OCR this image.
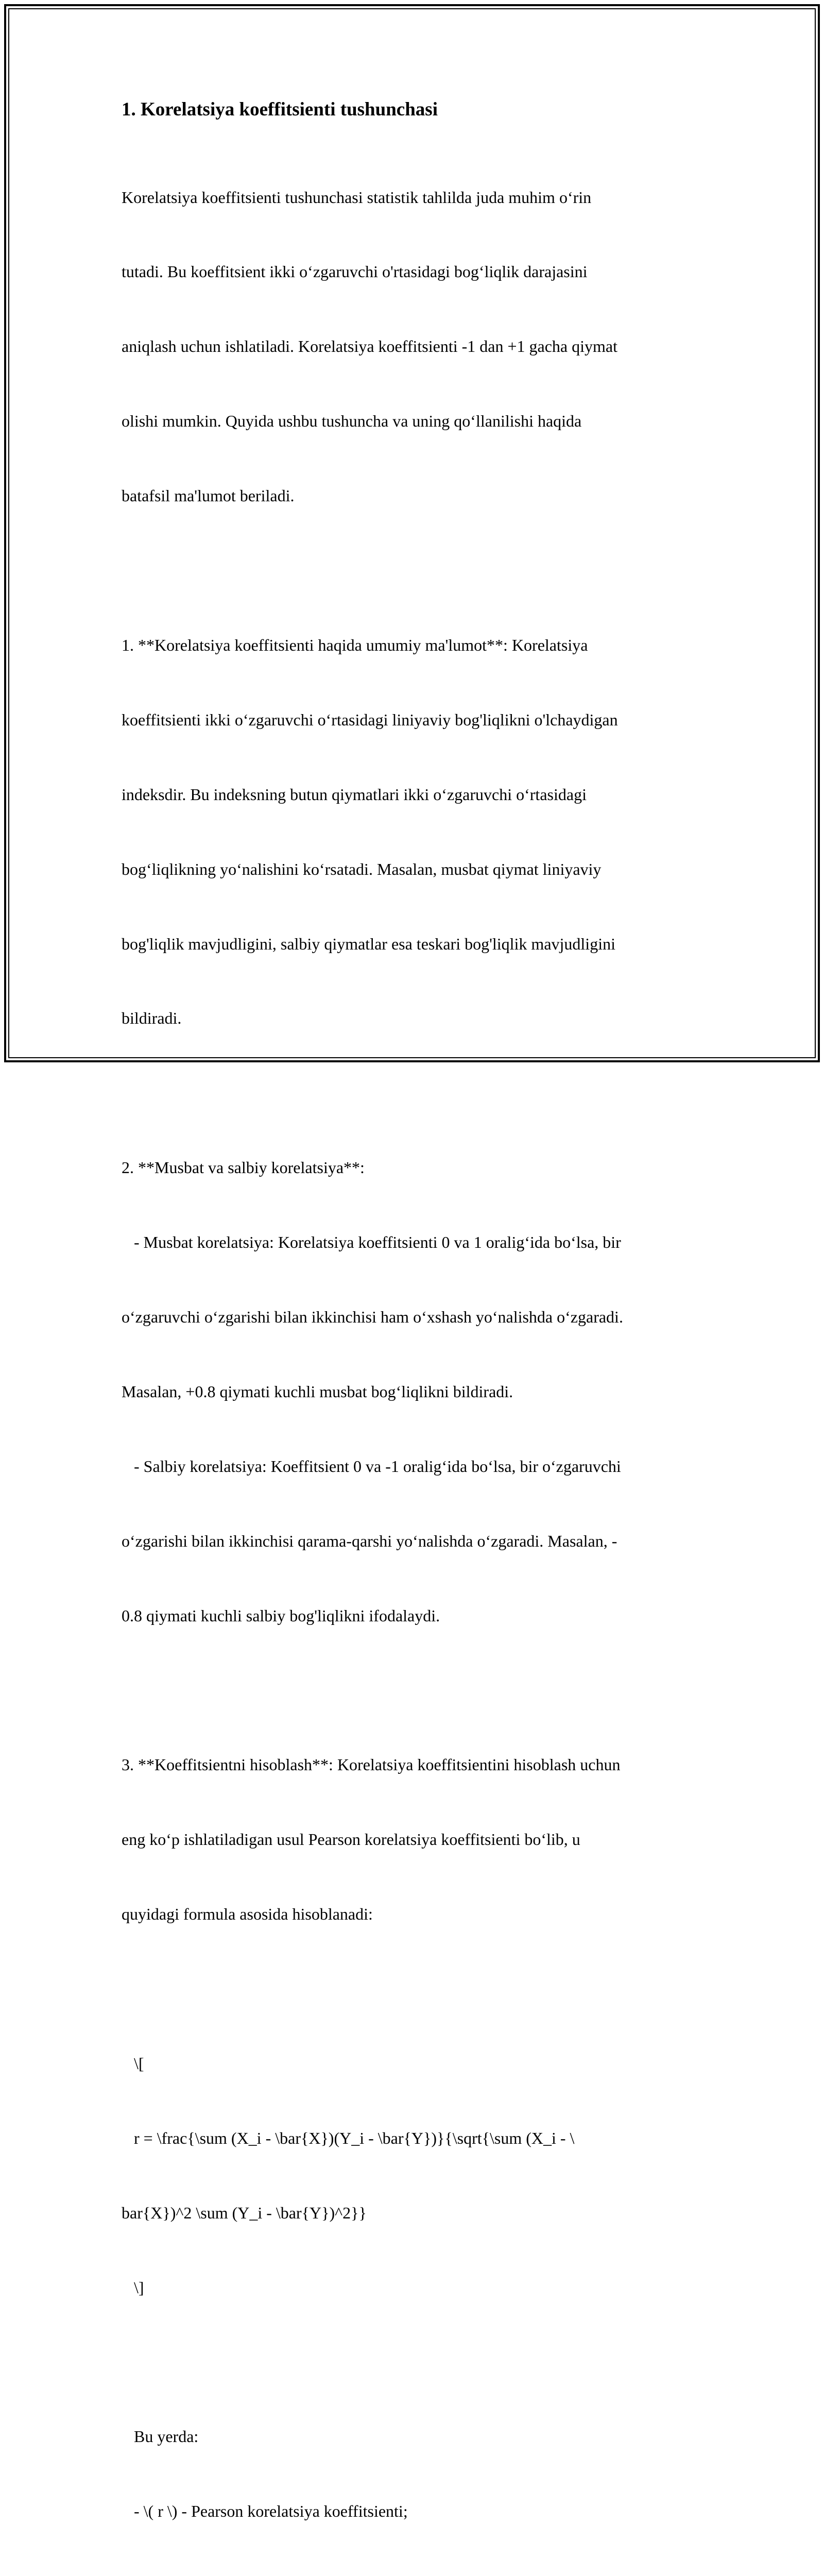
1. Korelatsiya koeffitsienti tushunchasi

Korelatsiya koeffitsienti tushunchasi statistik tahlilda juda muhim o‘rin

tutadi. Bu koeffitsient ikki o‘zgaruvchi o'rtasidagi bog‘liqlik darajasini

aniqlash uchun ishlatiladi. Korelatsiya koeffitsienti -1 dan +1 gacha qiymat

olishi mumkin. Quyida ushbu tushuncha va uning qo‘llanilishi haqida

batafsil ma'lumot beriladi.

1. **Korelatsiya koeffitsienti haqida umumiy ma'lumot**: Korelatsiya

koeffitsienti ikki o‘zgaruvchi o‘rtasidagi liniyaviy bog'liqlikni o'lchaydigan

indeksdir. Bu indeksning butun qiymatlari ikki o‘zgaruvchi o‘rtasidagi

bog‘liqlikning yo‘nalishini ko‘rsatadi. Masalan, musbat qiymat liniyaviy

bog'liqlik mavjudligini, salbiy qiymatlar esa teskari bog'liqlik mavjudligini

bildiradi.

2. **Musbat va salbiy korelatsiya**:

- Musbat korelatsiya: Korelatsiya koeffitsienti 0 va 1 oralig‘ida bo‘lsa, bir

o‘zgaruvchi o‘zgarishi bilan ikkinchisi ham o‘xshash yo‘nalishda o‘zgaradi.

Masalan, +0.8 qiymati kuchli musbat bog‘liqlikni bildiradi.

- Salbiy korelatsiya: Koeffitsient 0 va -1 oralig‘ida bo‘lsa, bir o‘zgaruvchi

o‘zgarishi bilan ikkinchisi qarama-qarshi yo‘nalishda o‘zgaradi. Masalan, -

0.8 qiymati kuchli salbiy bog'liqlikni ifodalaydi.

3. **Koeffitsientni hisoblash**: Korelatsiya koeffitsientini hisoblash uchun

eng ko‘p ishlatiladigan usul Pearson korelatsiya koeffitsienti bo‘lib, u

quyidagi formula asosida hisoblanadi:

\[

r = \frac{\sum (X_i - \bar{X})(Y_i - \bar{Y})}{\sqrt{\sum (X_i - \

bar{X})^2 \sum (Y_i - \bar{Y})^2}}

\]

Bu yerda:

- \( r \) - Pearson korelatsiya koeffitsienti;
